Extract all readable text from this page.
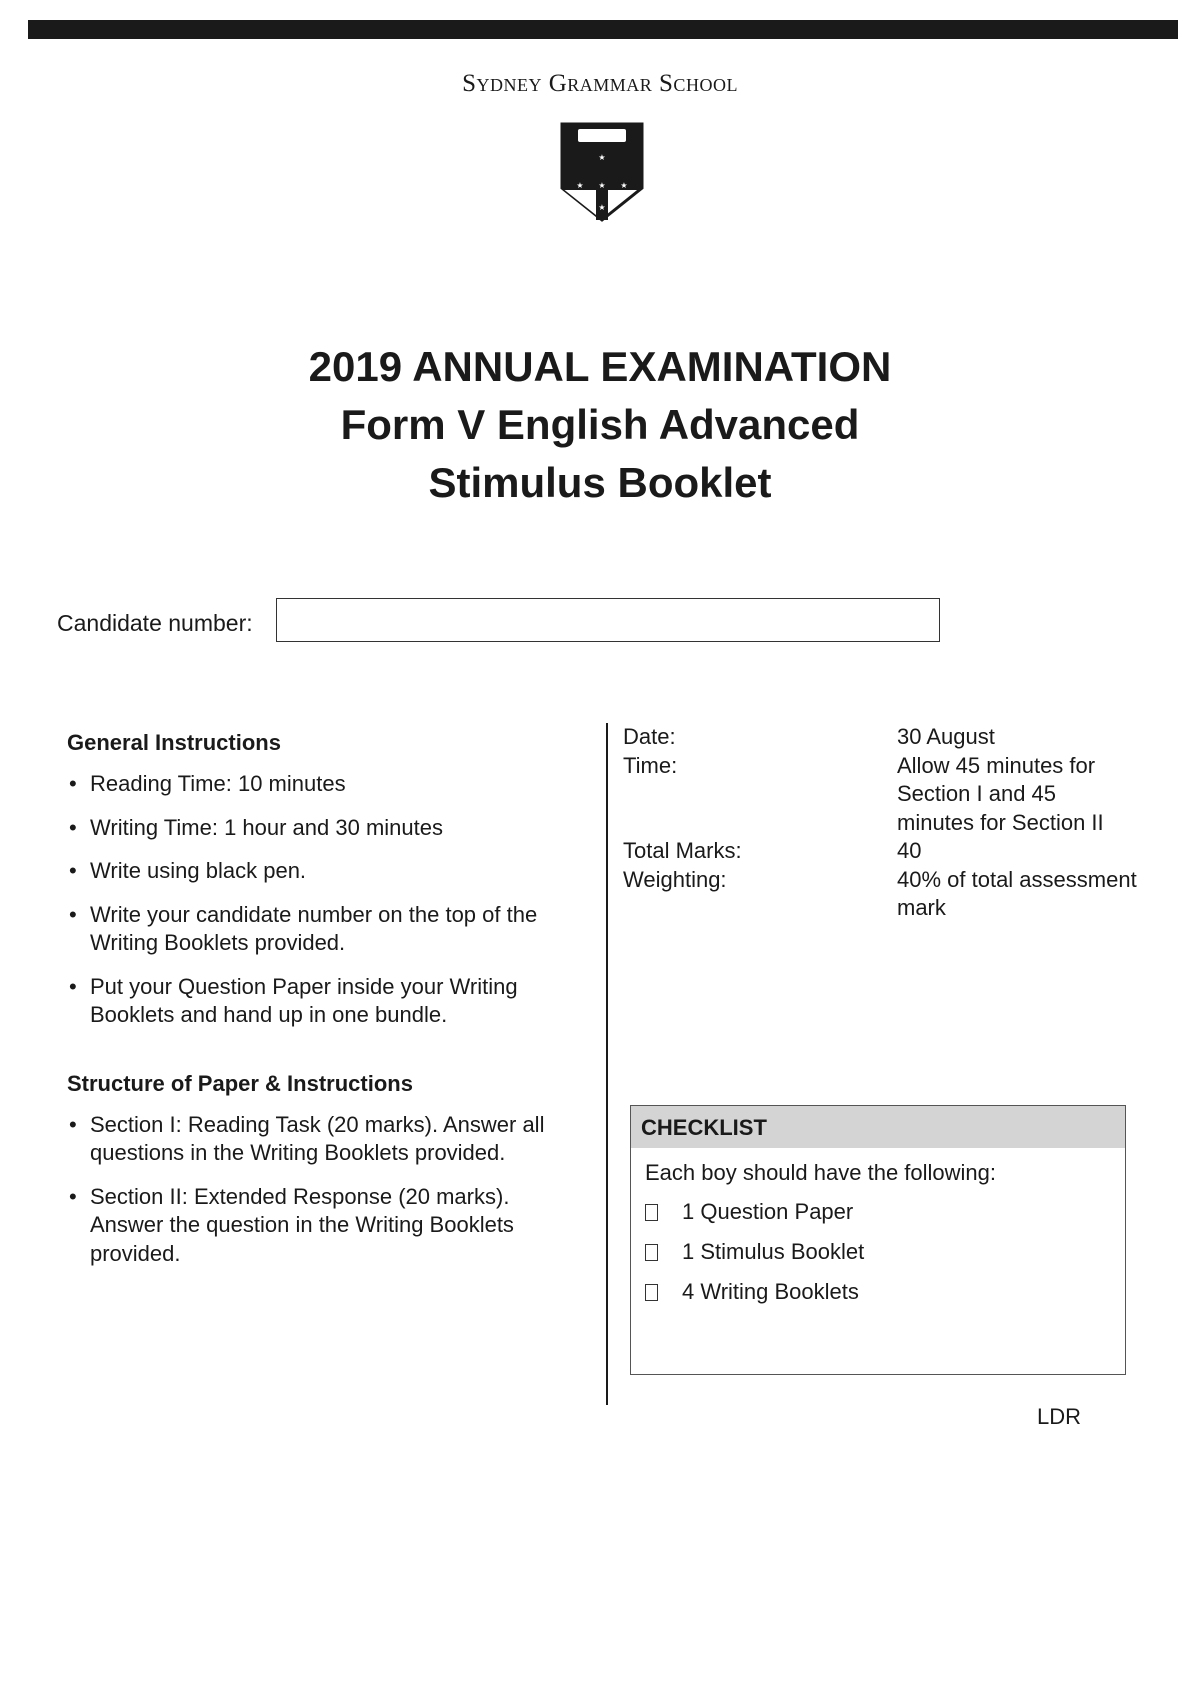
Sydney Grammar School
★
★
★	★
★
2019 ANNUAL EXAMINATION
Form V English Advanced
Stimulus Booklet
Candidate number:
General Instructions
• Reading Time: 10 minutes
• Writing Time: 1 hour and 30 minutes
• Write using black pen.
• Write your candidate number on the top of the Writing Booklets provided.
• Put your Question Paper inside your Writing Booklets and hand up in one bundle.
Structure of Paper & Instructions
• Section I: Reading Task (20 marks). Answer all questions in the Writing Booklets provided.
• Section II: Extended Response (20 marks). Answer the question in the Writing Booklets provided.
Date:	30 August
Time:	Allow 45 minutes for Section I and 45 minutes for Section II
Total Marks:	40
Weighting:	40% of total assessment mark
CHECKLIST
Each boy should have the following:
1 Question Paper
1 Stimulus Booklet
4 Writing Booklets
LDR
